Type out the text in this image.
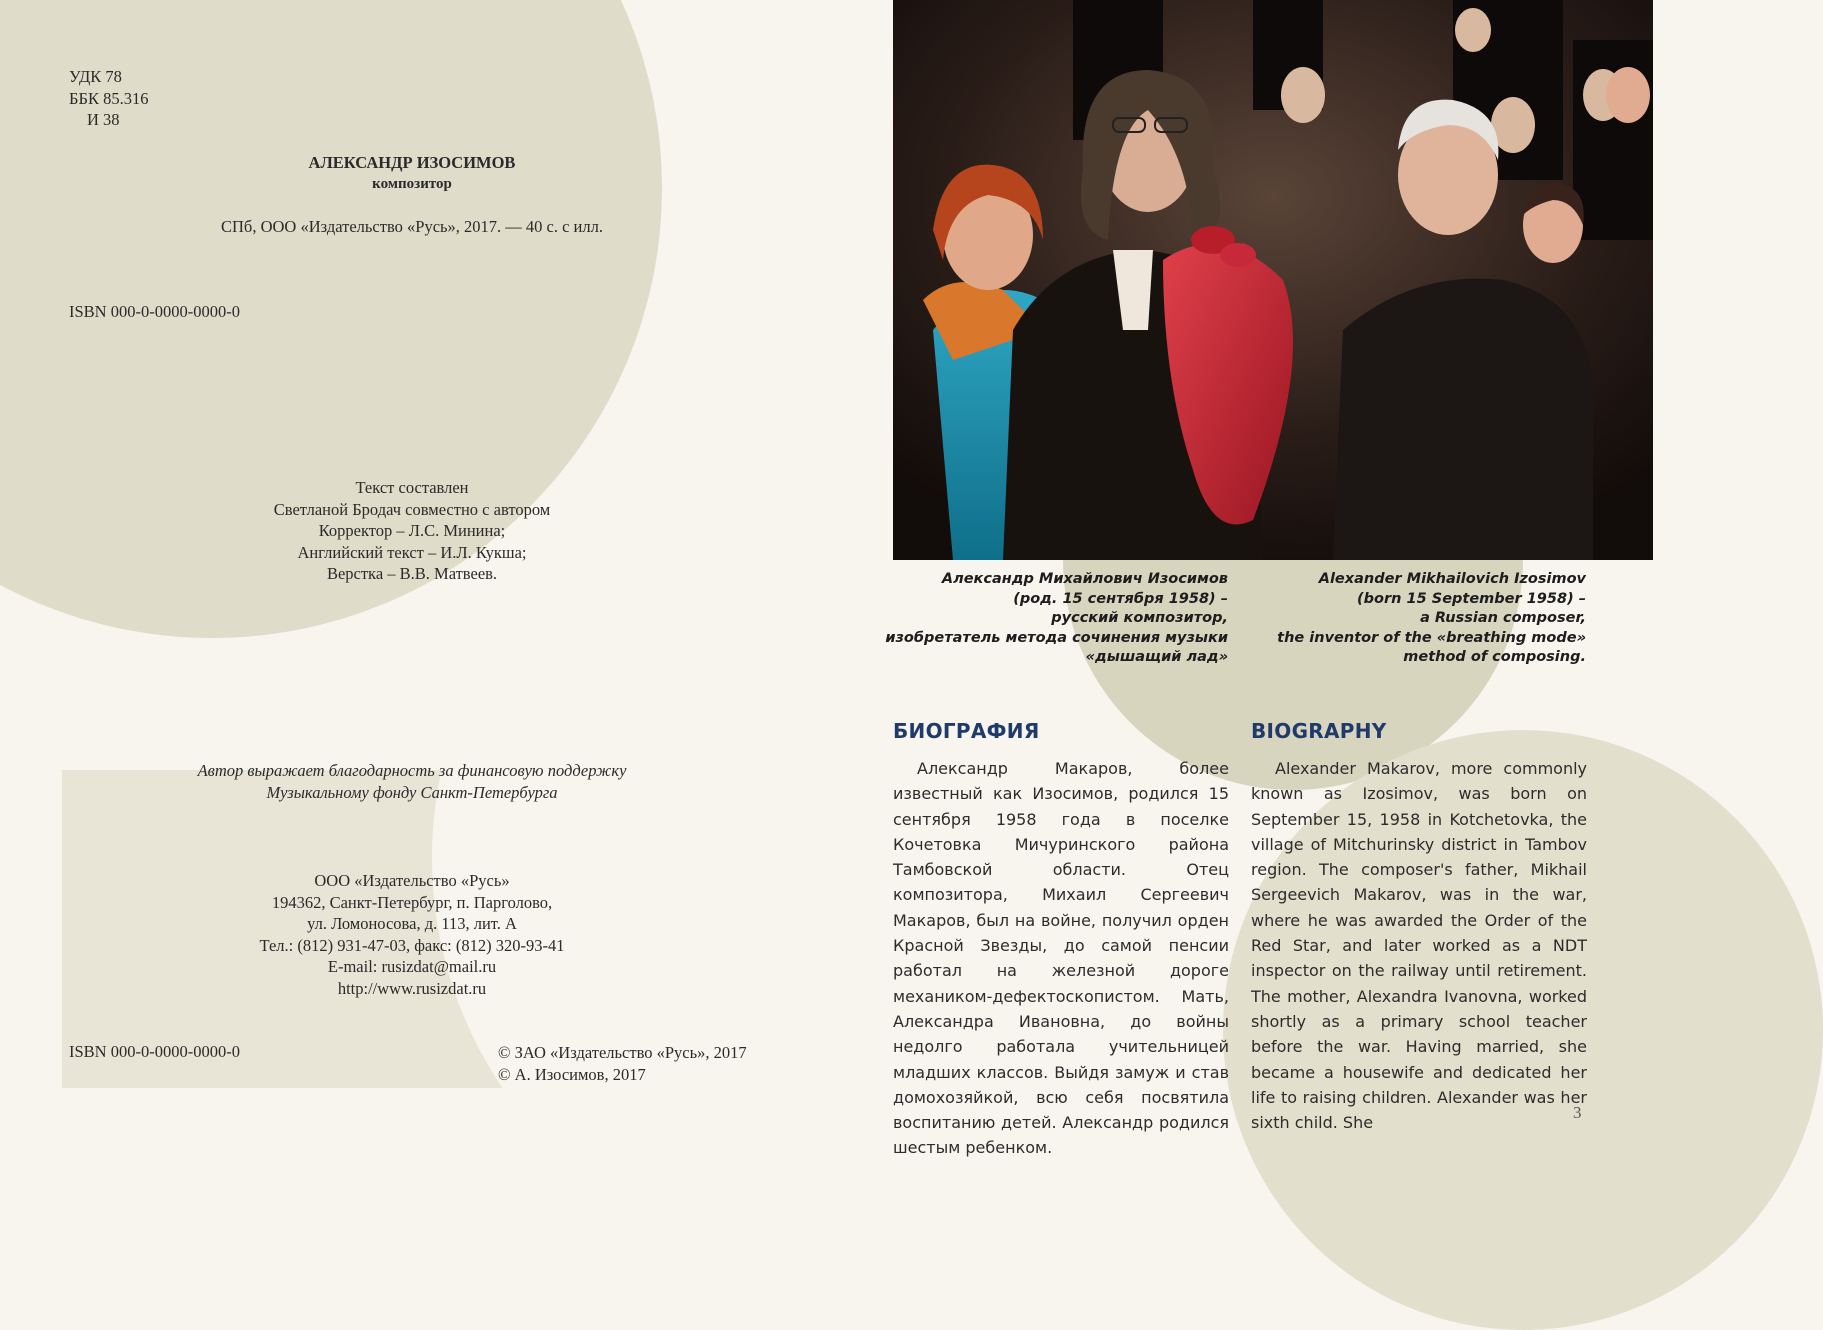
УДК 78
ББК 85.316
И 38
АЛЕКСАНДР ИЗОСИМОВ
композитор
СПб, ООО «Издательство «Русь», 2017. — 40 с. с илл.
ISBN 000-0-0000-0000-0
Текст составлен
Светланой Бродач совместно с автором
Корректор – Л.С. Минина;
Английский текст – И.Л. Кукша;
Верстка – В.В. Матвеев.
Автор выражает благодарность за финансовую поддержку
Музыкальному фонду Санкт-Петербурга
ООО «Издательство «Русь»
194362, Санкт-Петербург, п. Парголово,
ул. Ломоносова, д. 113, лит. А
Тел.: (812) 931-47-03, факс: (812) 320-93-41
E-mail: rusizdat@mail.ru
http://www.rusizdat.ru
ISBN 000-0-0000-0000-0	© ЗАО «Издательство «Русь», 2017
© А. Изосимов, 2017
Александр Михайлович Изосимов
(род. 15 сентября 1958) –
русский композитор,
изобретатель метода сочинения музыки
«дышащий лад»
Alexander Mikhailovich Izosimov
(born 15 September 1958) –
a Russian composer,
the inventor of the «breathing mode»
method of composing.
БИОГРАФИЯ	BIOGRAPHY
Александр Макаров, более известный как Изосимов, родился 15 сентября 1958 года в поселке Кочетовка Мичуринского района Тамбовской области. Отец композитора, Михаил Сергеевич Макаров, был на войне, получил орден Красной Звезды, до самой пенсии работал на железной дороге механиком-дефектоскопистом. Мать, Александра Ивановна, до войны недолго работала учительницей младших классов. Выйдя замуж и став домохозяйкой, всю себя посвятила воспитанию детей. Александр родился шестым ребенком.
Alexander Makarov, more commonly known as Izosimov, was born on September 15, 1958 in Kotchetovka, the village of Mitchurinsky district in Tambov region. The composer's father, Mikhail Sergeevich Makarov, was in the war, where he was awarded the Order of the Red Star, and later worked as a NDT inspector on the railway until retirement. The mother, Alexandra Ivanovna, worked shortly as a primary school teacher before the war. Having married, she became a housewife and dedicated her life to raising children. Alexander was her sixth child. She
3
